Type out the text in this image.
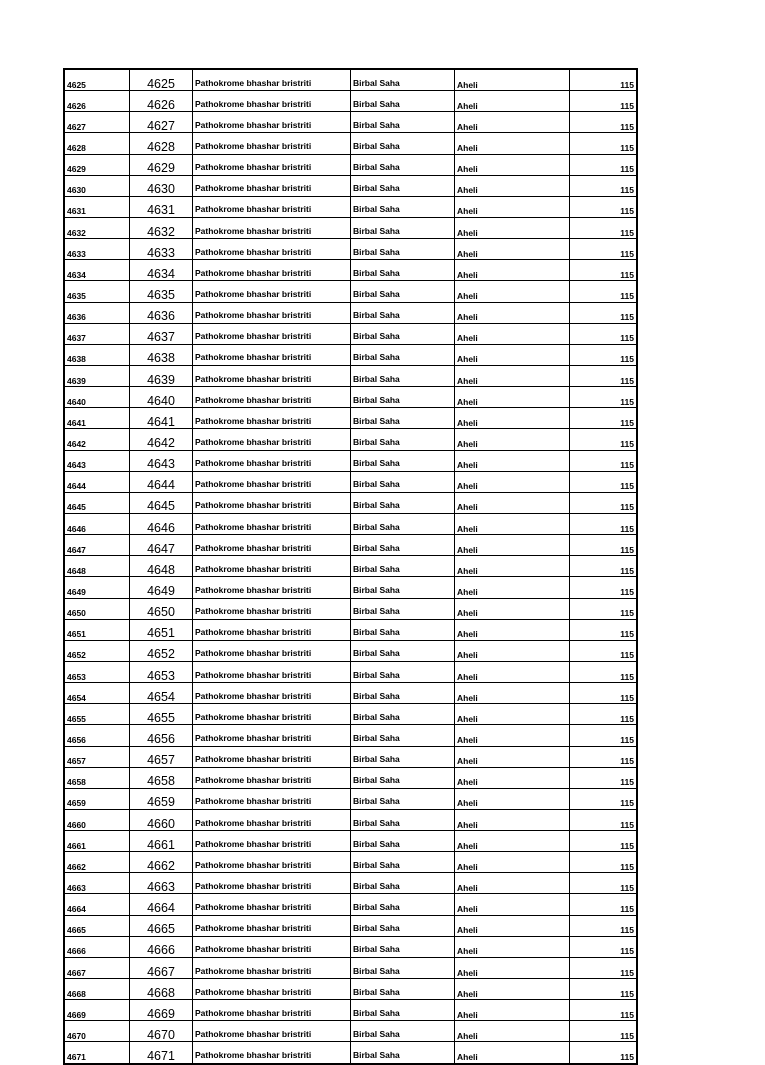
4625	4625	Pathokrome bhashar bristriti	Birbal Saha	Aheli	115
4626	4626	Pathokrome bhashar bristriti	Birbal Saha	Aheli	115
4627	4627	Pathokrome bhashar bristriti	Birbal Saha	Aheli	115
4628	4628	Pathokrome bhashar bristriti	Birbal Saha	Aheli	115
4629	4629	Pathokrome bhashar bristriti	Birbal Saha	Aheli	115
4630	4630	Pathokrome bhashar bristriti	Birbal Saha	Aheli	115
4631	4631	Pathokrome bhashar bristriti	Birbal Saha	Aheli	115
4632	4632	Pathokrome bhashar bristriti	Birbal Saha	Aheli	115
4633	4633	Pathokrome bhashar bristriti	Birbal Saha	Aheli	115
4634	4634	Pathokrome bhashar bristriti	Birbal Saha	Aheli	115
4635	4635	Pathokrome bhashar bristriti	Birbal Saha	Aheli	115
4636	4636	Pathokrome bhashar bristriti	Birbal Saha	Aheli	115
4637	4637	Pathokrome bhashar bristriti	Birbal Saha	Aheli	115
4638	4638	Pathokrome bhashar bristriti	Birbal Saha	Aheli	115
4639	4639	Pathokrome bhashar bristriti	Birbal Saha	Aheli	115
4640	4640	Pathokrome bhashar bristriti	Birbal Saha	Aheli	115
4641	4641	Pathokrome bhashar bristriti	Birbal Saha	Aheli	115
4642	4642	Pathokrome bhashar bristriti	Birbal Saha	Aheli	115
4643	4643	Pathokrome bhashar bristriti	Birbal Saha	Aheli	115
4644	4644	Pathokrome bhashar bristriti	Birbal Saha	Aheli	115
4645	4645	Pathokrome bhashar bristriti	Birbal Saha	Aheli	115
4646	4646	Pathokrome bhashar bristriti	Birbal Saha	Aheli	115
4647	4647	Pathokrome bhashar bristriti	Birbal Saha	Aheli	115
4648	4648	Pathokrome bhashar bristriti	Birbal Saha	Aheli	115
4649	4649	Pathokrome bhashar bristriti	Birbal Saha	Aheli	115
4650	4650	Pathokrome bhashar bristriti	Birbal Saha	Aheli	115
4651	4651	Pathokrome bhashar bristriti	Birbal Saha	Aheli	115
4652	4652	Pathokrome bhashar bristriti	Birbal Saha	Aheli	115
4653	4653	Pathokrome bhashar bristriti	Birbal Saha	Aheli	115
4654	4654	Pathokrome bhashar bristriti	Birbal Saha	Aheli	115
4655	4655	Pathokrome bhashar bristriti	Birbal Saha	Aheli	115
4656	4656	Pathokrome bhashar bristriti	Birbal Saha	Aheli	115
4657	4657	Pathokrome bhashar bristriti	Birbal Saha	Aheli	115
4658	4658	Pathokrome bhashar bristriti	Birbal Saha	Aheli	115
4659	4659	Pathokrome bhashar bristriti	Birbal Saha	Aheli	115
4660	4660	Pathokrome bhashar bristriti	Birbal Saha	Aheli	115
4661	4661	Pathokrome bhashar bristriti	Birbal Saha	Aheli	115
4662	4662	Pathokrome bhashar bristriti	Birbal Saha	Aheli	115
4663	4663	Pathokrome bhashar bristriti	Birbal Saha	Aheli	115
4664	4664	Pathokrome bhashar bristriti	Birbal Saha	Aheli	115
4665	4665	Pathokrome bhashar bristriti	Birbal Saha	Aheli	115
4666	4666	Pathokrome bhashar bristriti	Birbal Saha	Aheli	115
4667	4667	Pathokrome bhashar bristriti	Birbal Saha	Aheli	115
4668	4668	Pathokrome bhashar bristriti	Birbal Saha	Aheli	115
4669	4669	Pathokrome bhashar bristriti	Birbal Saha	Aheli	115
4670	4670	Pathokrome bhashar bristriti	Birbal Saha	Aheli	115
4671	4671	Pathokrome bhashar bristriti	Birbal Saha	Aheli	115
